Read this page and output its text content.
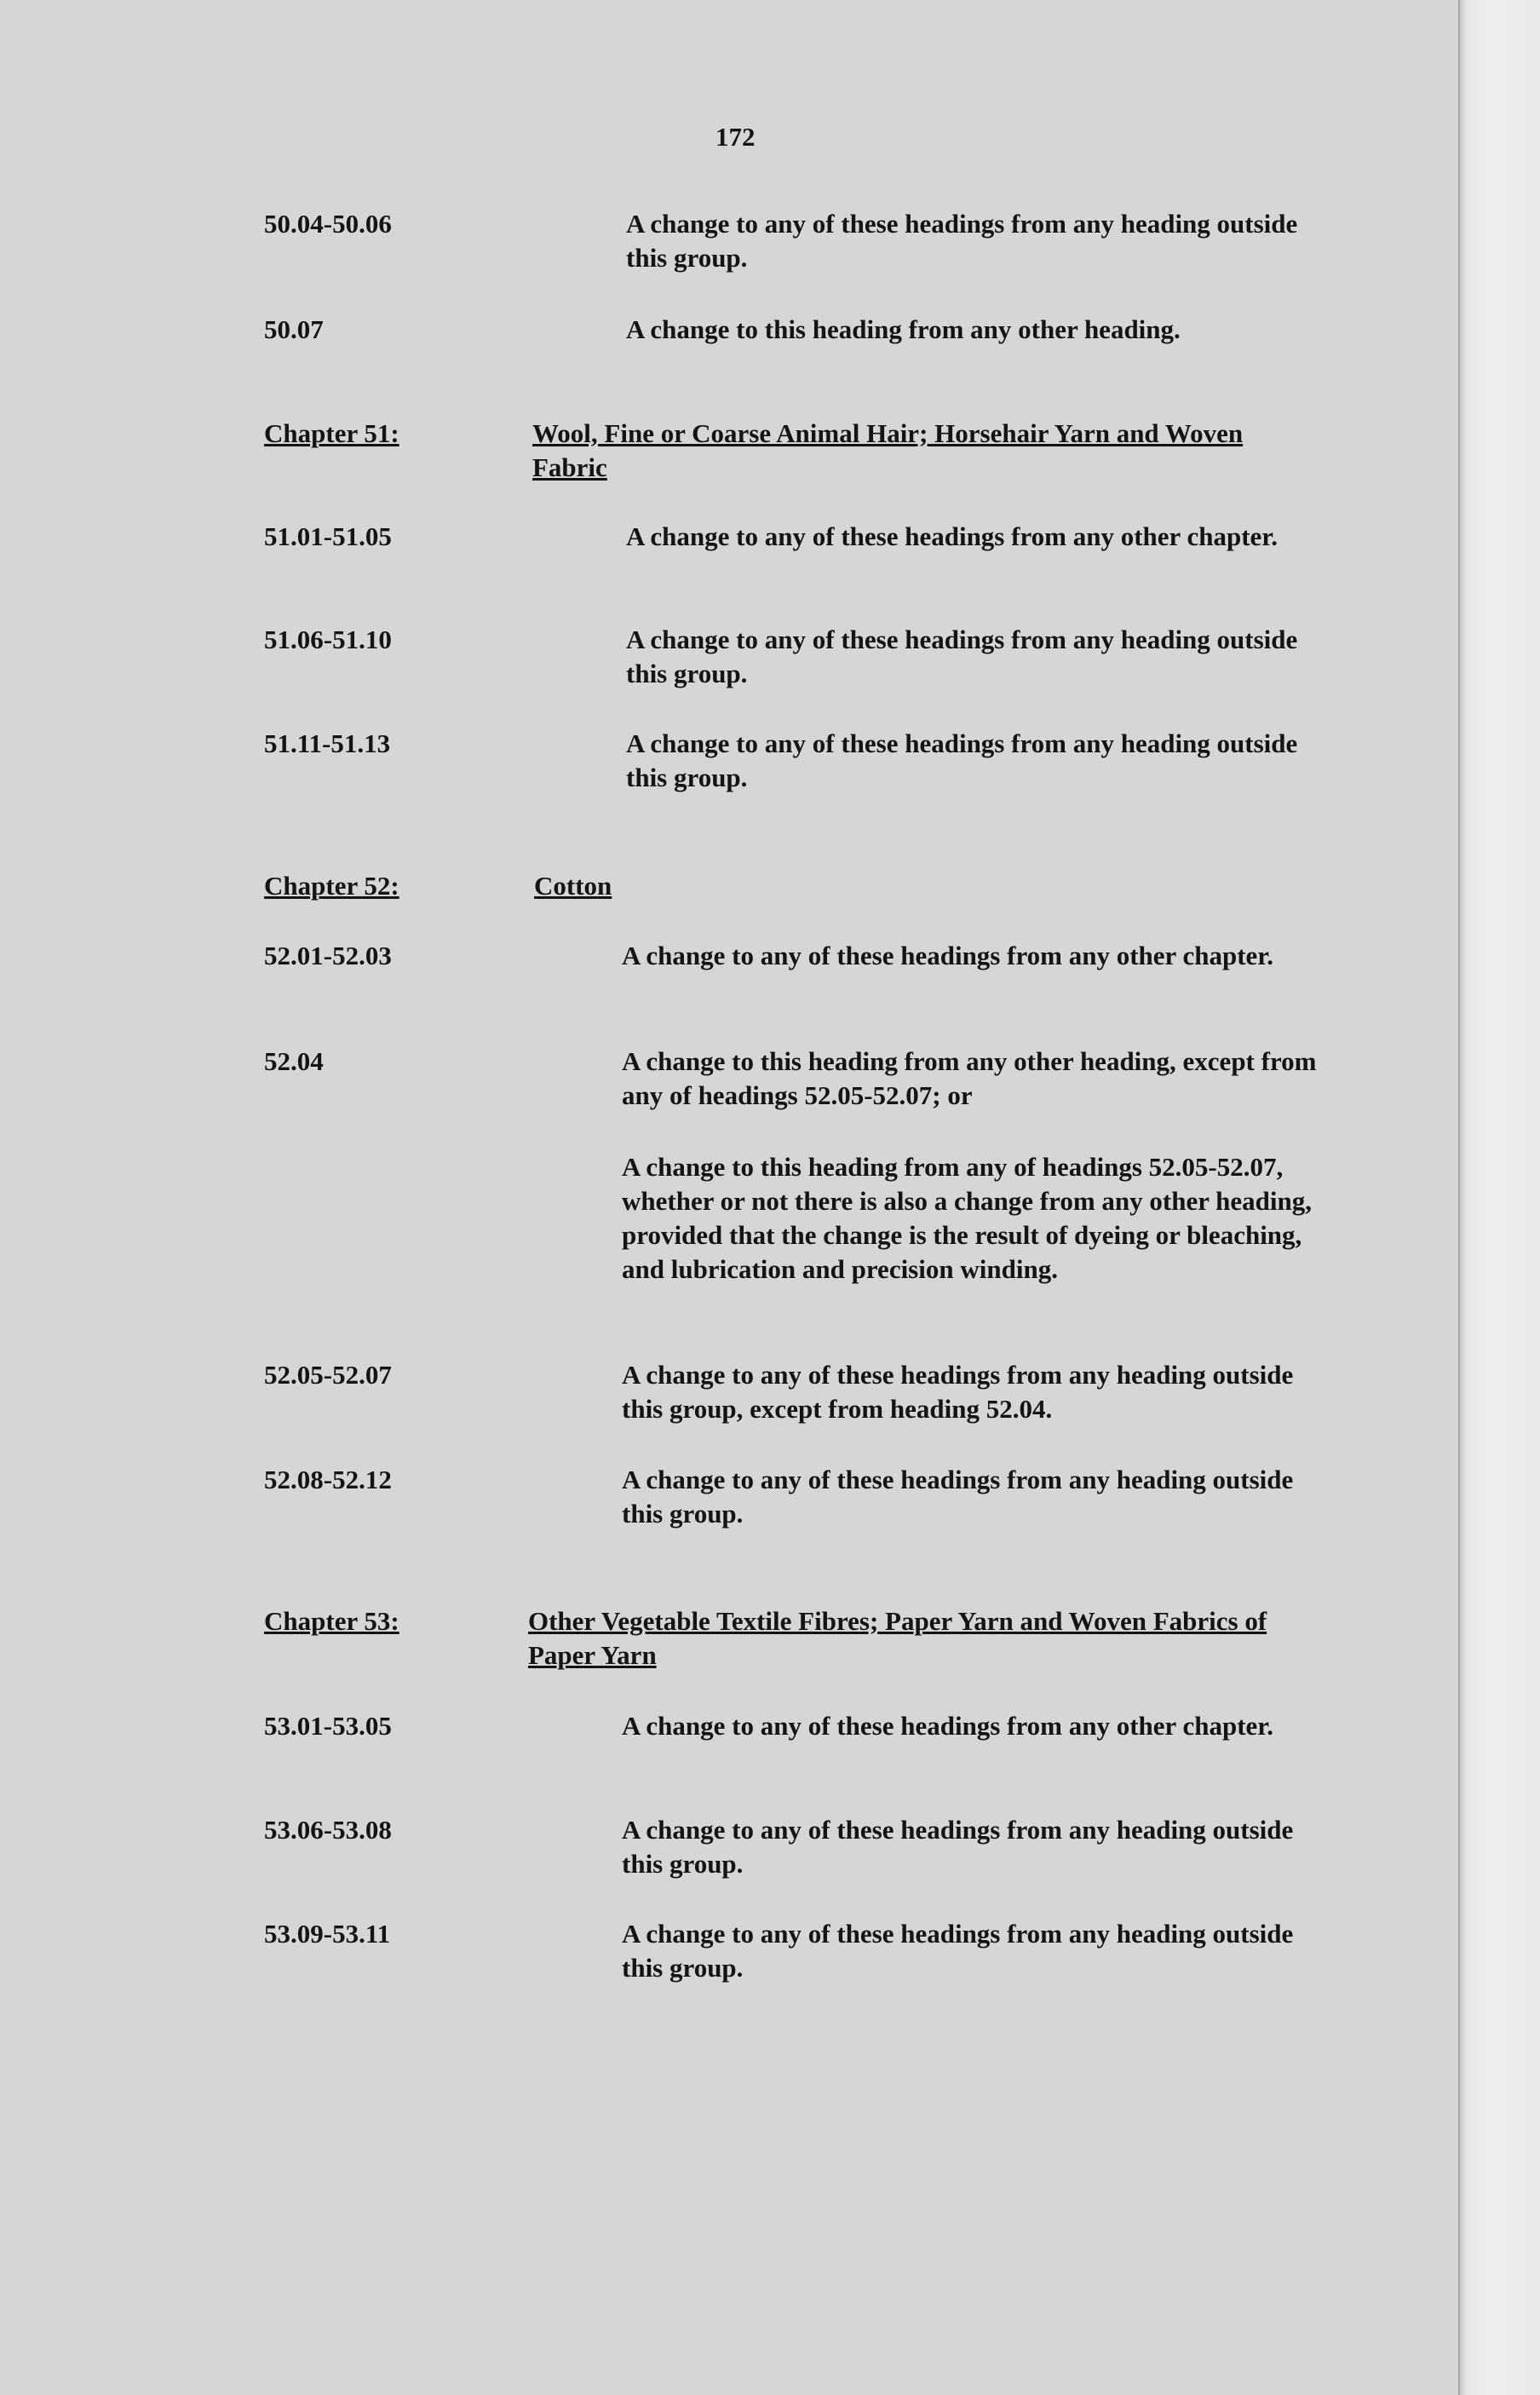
172
50.04-50.06	A change to any of these headings from any heading outside this group.
50.07	A change to this heading from any other heading.
Chapter 51:	Wool, Fine or Coarse Animal Hair; Horsehair Yarn and Woven Fabric
51.01-51.05	A change to any of these headings from any other chapter.
51.06-51.10	A change to any of these headings from any heading outside this group.
51.11-51.13	A change to any of these headings from any heading outside this group.
Chapter 52:	Cotton
52.01-52.03	A change to any of these headings from any other chapter.
52.04	A change to this heading from any other heading, except from any of headings 52.05-52.07; or
A change to this heading from any of headings 52.05-52.07, whether or not there is also a change from any other heading, provided that the change is the result of dyeing or bleaching, and lubrication and precision winding.
52.05-52.07	A change to any of these headings from any heading outside this group, except from heading 52.04.
52.08-52.12	A change to any of these headings from any heading outside this group.
Chapter 53:	Other Vegetable Textile Fibres; Paper Yarn and Woven Fabrics of Paper Yarn
53.01-53.05	A change to any of these headings from any other chapter.
53.06-53.08	A change to any of these headings from any heading outside this group.
53.09-53.11	A change to any of these headings from any heading outside this group.
